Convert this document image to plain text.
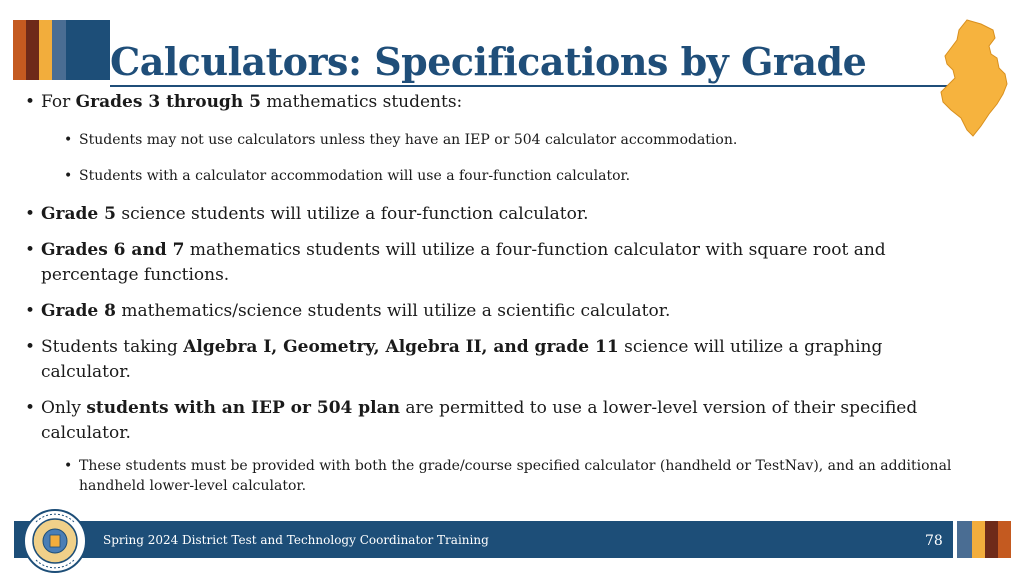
Calculators: Specifications by Grade
• For Grades 3 through 5 mathematics students:
• Students may not use calculators unless they have an IEP or 504 calculator accommodation.
• Students with a calculator accommodation will use a four-function calculator.
• Grade 5 science students will utilize a four-function calculator.
• Grades 6 and 7 mathematics students will utilize a four-function calculator with square root and percentage functions.
• Grade 8 mathematics/science students will utilize a scientific calculator.
• Students taking Algebra I, Geometry, Algebra II, and grade 11 science will utilize a graphing calculator.
• Only students with an IEP or 504 plan are permitted to use a lower-level version of their specified calculator.
• These students must be provided with both the grade/course specified calculator (handheld or TestNav), and an additional handheld lower-level calculator.
Spring 2024 District Test and Technology Coordinator Training	78
